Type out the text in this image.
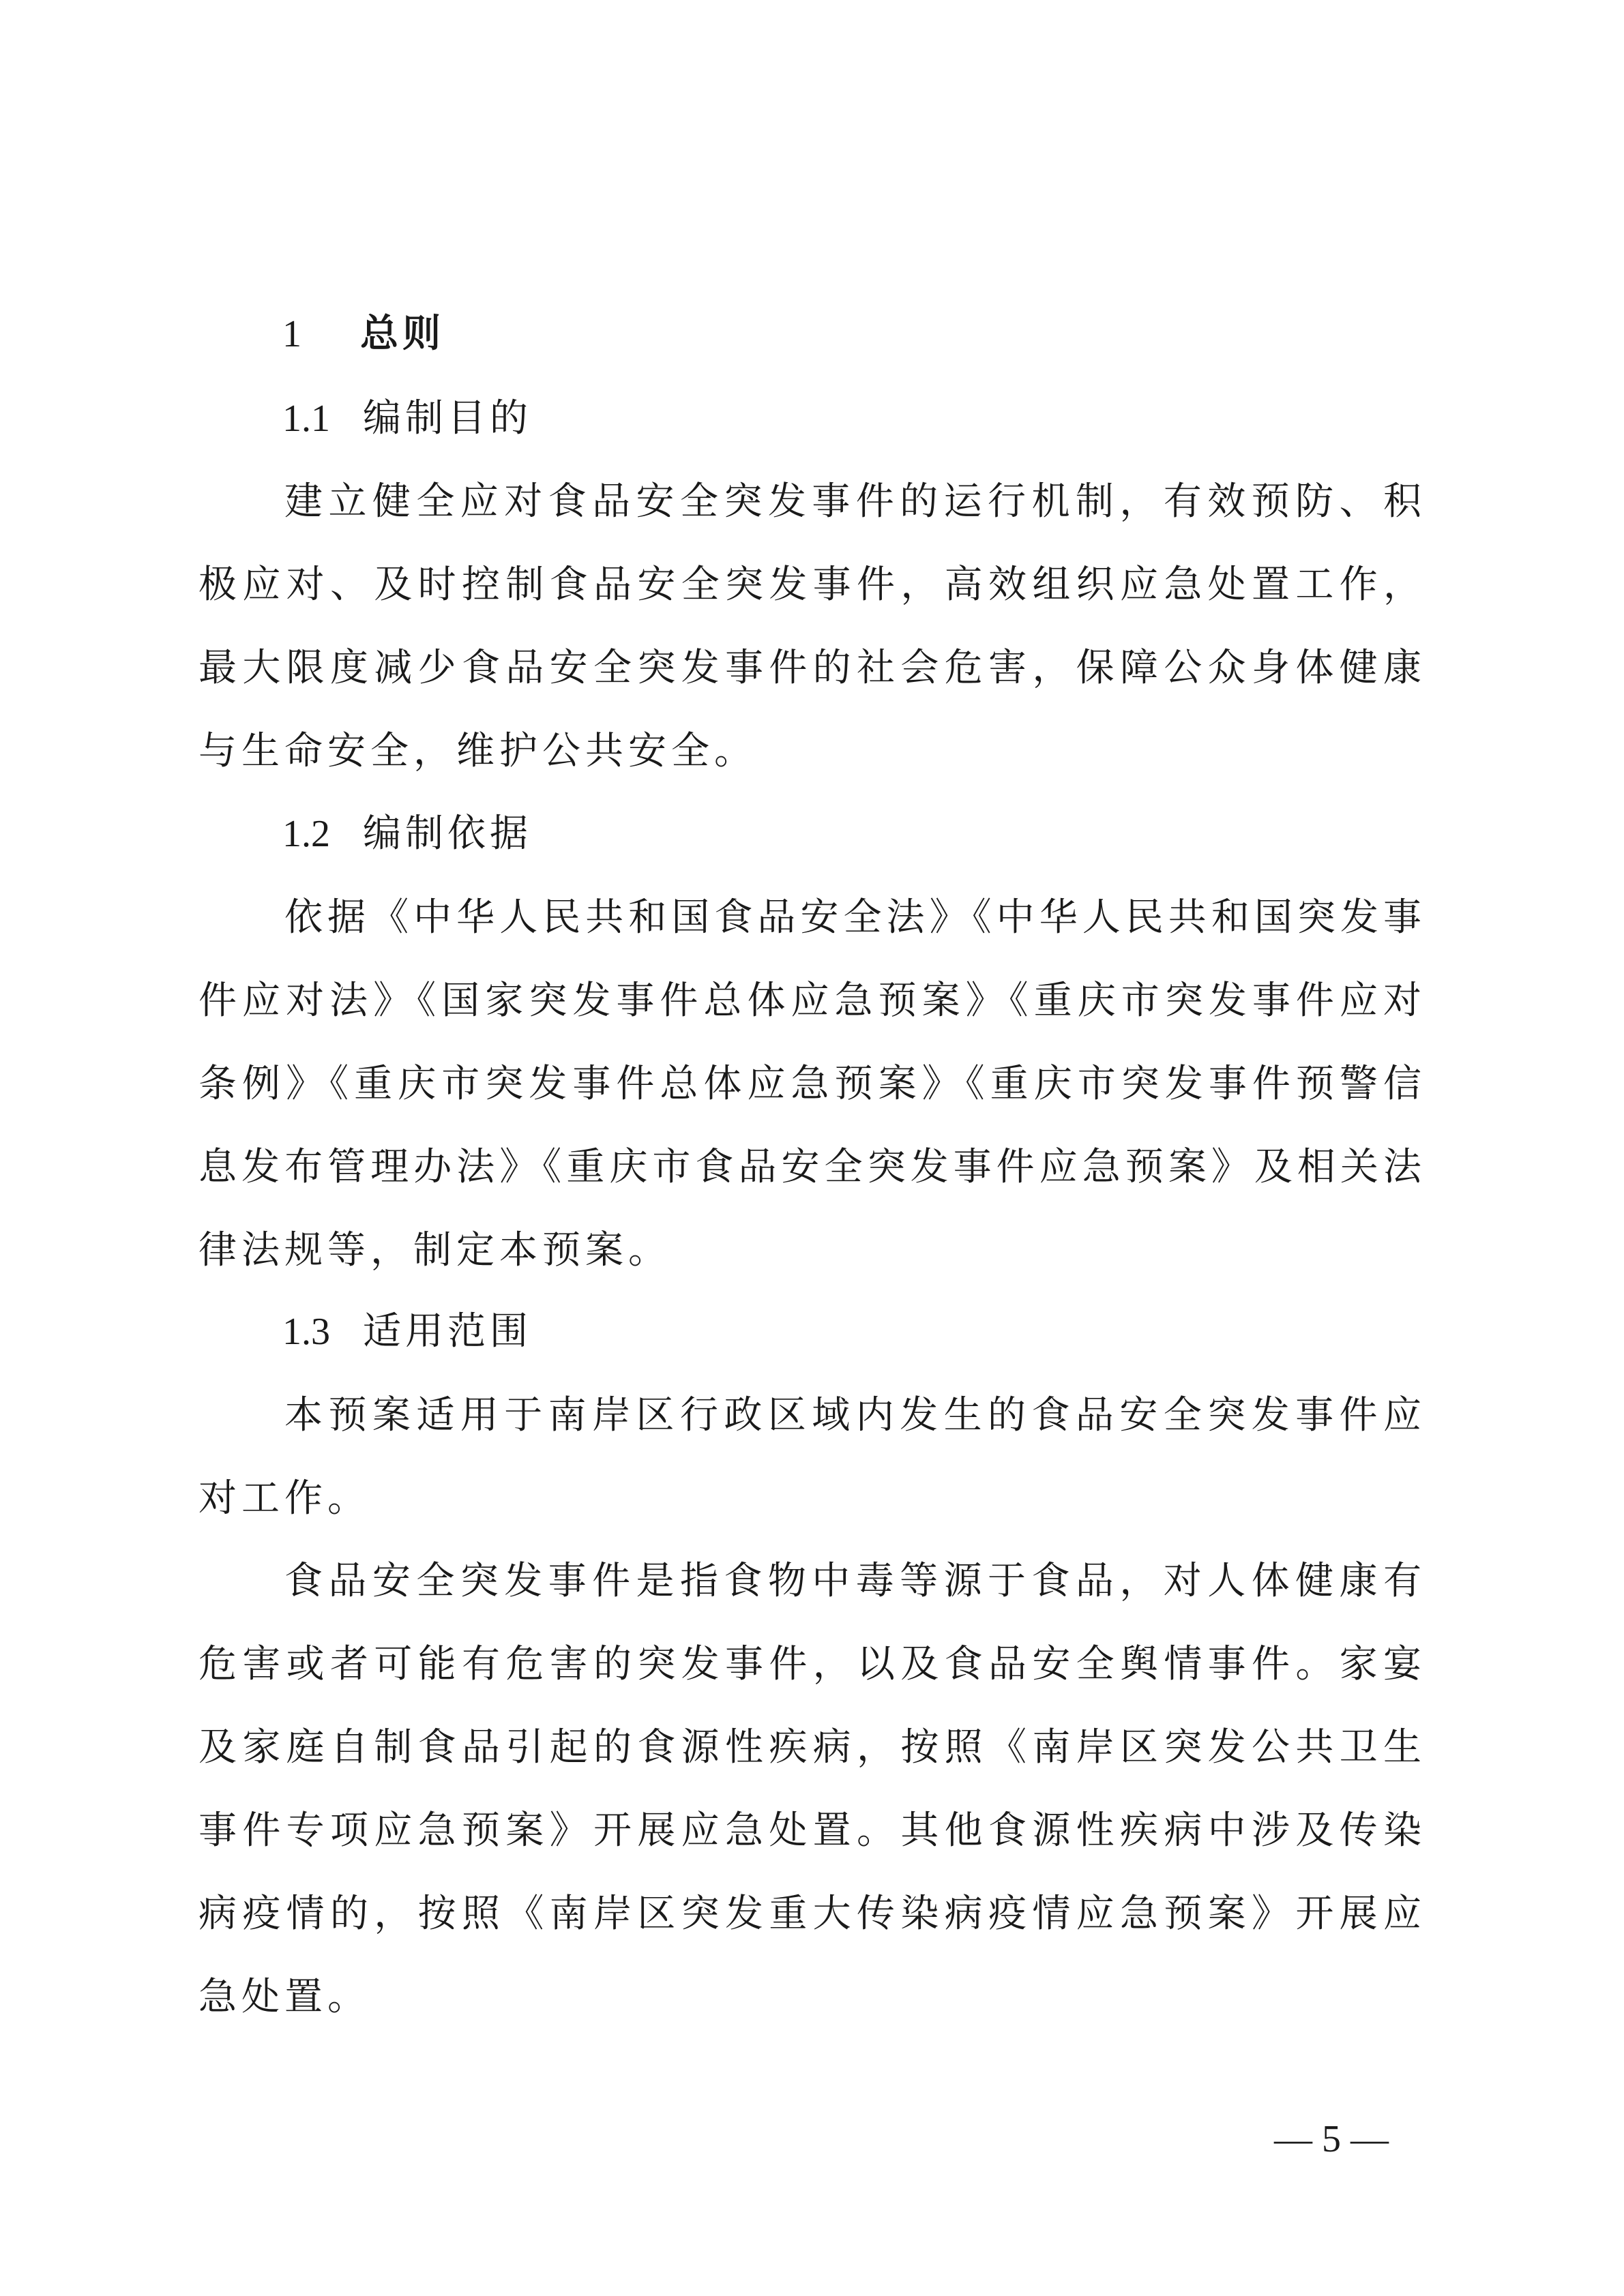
1 总则
1.1 编制目的

建立健全应对食品安全突发事件的运行机制，有效预防、积极应对、及时控制食品安全突发事件，高效组织应急处置工作，最大限度减少食品安全突发事件的社会危害，保障公众身体健康与生命安全，维护公共安全。

1.2 编制依据

依据《中华人民共和国食品安全法》《中华人民共和国突发事件应对法》《国家突发事件总体应急预案》《重庆市突发事件应对条例》《重庆市突发事件总体应急预案》《重庆市突发事件预警信息发布管理办法》《重庆市食品安全突发事件应急预案》及相关法律法规等，制定本预案。

1.3 适用范围

本预案适用于南岸区行政区域内发生的食品安全突发事件应对工作。

食品安全突发事件是指食物中毒等源于食品，对人体健康有危害或者可能有危害的突发事件，以及食品安全舆情事件。家宴及家庭自制食品引起的食源性疾病，按照《南岸区突发公共卫生事件专项应急预案》开展应急处置。其他食源性疾病中涉及传染病疫情的，按照《南岸区突发重大传染病疫情应急预案》开展应急处置。

— 5 —
